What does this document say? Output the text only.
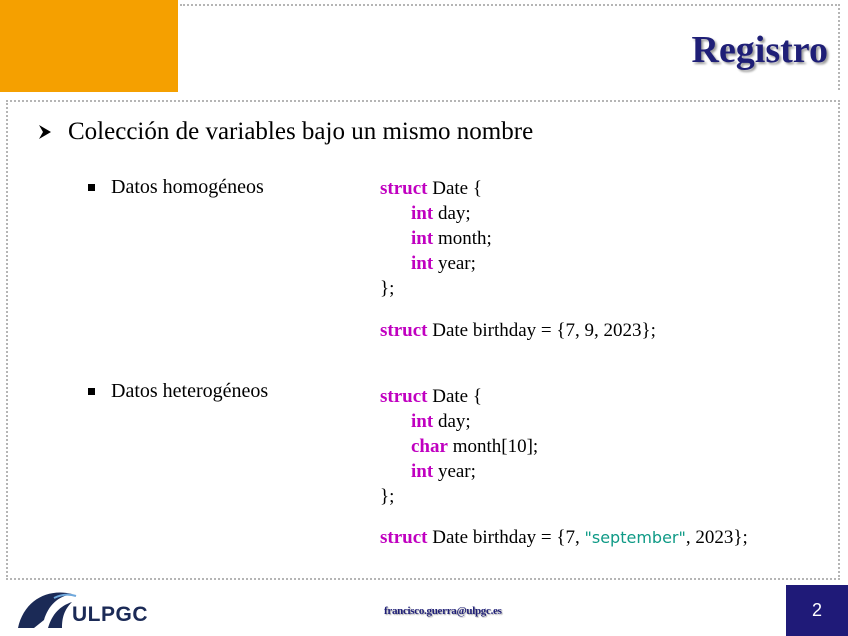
Registro
Colección de variables bajo un mismo nombre
Datos homogéneos	struct Date {
int day;
int month;
int year;
};
struct Date birthday = {7, 9, 2023};
Datos heterogéneos	struct Date {
int day;
char month[10];
int year;
};
struct Date birthday = {7, "september", 2023};
ULPGC	francisco.guerra@ulpgc.es	2
